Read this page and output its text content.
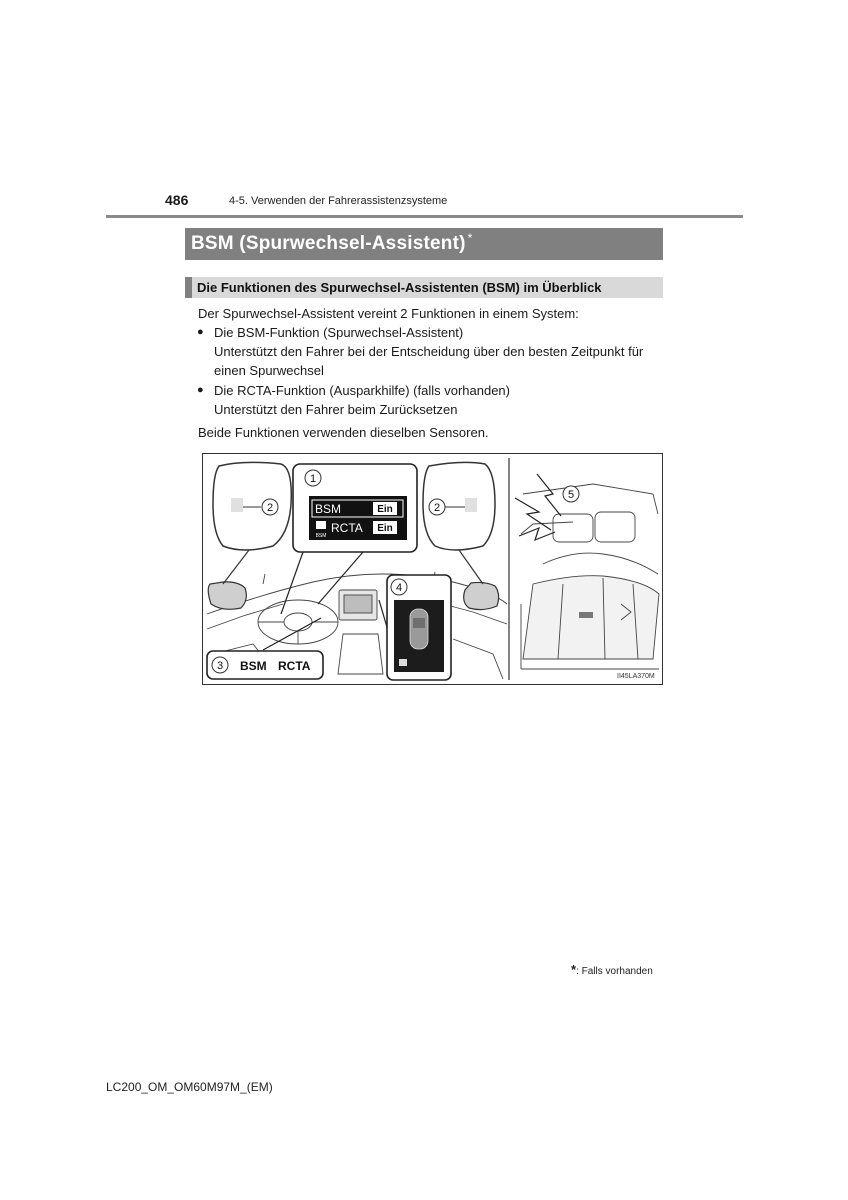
486	4-5. Verwenden der Fahrerassistenzsysteme
BSM (Spurwechsel-Assistent) *
Die Funktionen des Spurwechsel-Assistenten (BSM) im Überblick
Der Spurwechsel-Assistent vereint 2 Funktionen in einem System:
● Die BSM-Funktion (Spurwechsel-Assistent)
Unterstützt den Fahrer bei der Entscheidung über den besten Zeitpunkt für
einen Spurwechsel
● Die RCTA-Funktion (Ausparkhilfe) (falls vorhanden)
Unterstützt den Fahrer beim Zurücksetzen
Beide Funktionen verwenden dieselben Sensoren.
2	2
1
BSM	Ein
BSM
RCTA Ein
3 BSM RCTA
4
5
II45LA370M
*: Falls vorhanden
LC200_OM_OM60M97M_(EM)
